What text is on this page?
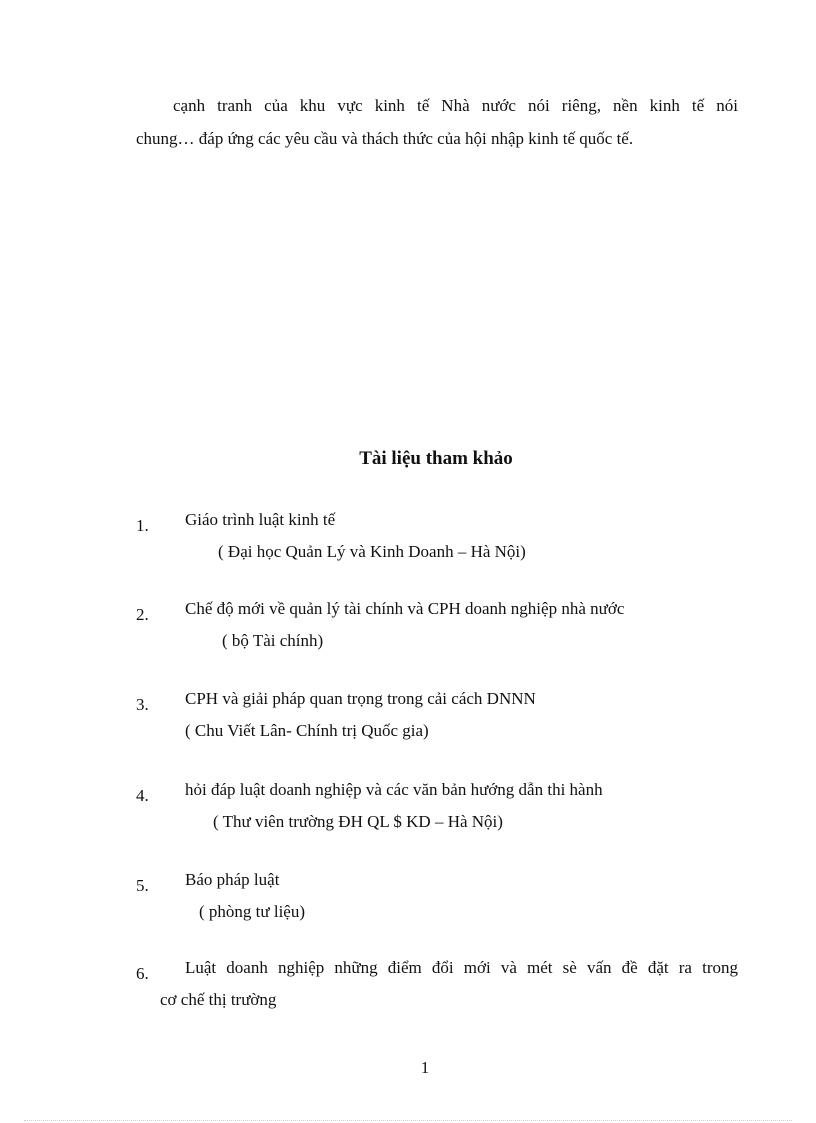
cạnh tranh của khu vực kinh tế Nhà nước nói riêng, nền kinh tế nói
chung… đáp ứng các yêu cầu và thách thức của hội nhập kinh tế quốc tế.

Tài liệu tham khảo
1. Giáo trình luật kinh tế
( Đại học Quản Lý và Kinh Doanh – Hà Nội)
2. Chế độ mới về quản lý tài chính và CPH doanh nghiệp nhà nước
( bộ Tài chính)
3. CPH và giải pháp quan trọng trong cải cách DNNN
( Chu Viết Lân- Chính trị Quốc gia)
4. hỏi đáp luật doanh nghiệp và các văn bản hướng dẫn thi hành
( Thư viên trường ĐH QL $ KD – Hà Nội)
5. Báo pháp luật
( phòng tư liệu)
6. Luật doanh nghiệp những điểm đổi mới và mét sè vấn đề đặt ra trong
cơ chế thị trường
1
